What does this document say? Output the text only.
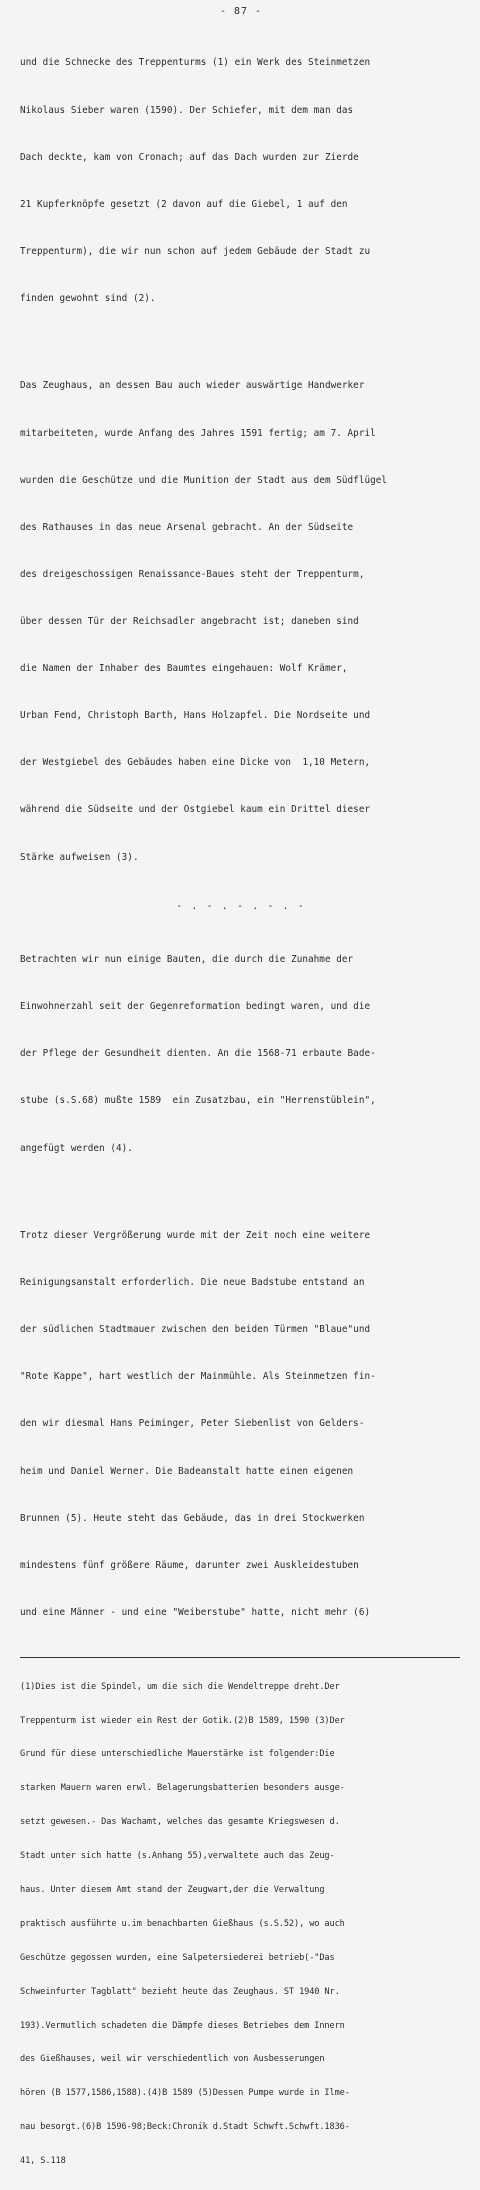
- 87 -

und die Schnecke des Treppenturms (1) ein Werk des Steinmetzen

Nikolaus Sieber waren (1590). Der Schiefer, mit dem man das

Dach deckte, kam von Cronach; auf das Dach wurden zur Zierde

21 Kupferknöpfe gesetzt (2 davon auf die Giebel, 1 auf den

Treppenturm), die wir nun schon auf jedem Gebäude der Stadt zu

finden gewohnt sind (2).

Das Zeughaus, an dessen Bau auch wieder auswärtige Handwerker

mitarbeiteten, wurde Anfang des Jahres 1591 fertig; am 7. April

wurden die Geschütze und die Munition der Stadt aus dem Südflügel

des Rathauses in das neue Arsenal gebracht. An der Südseite

des dreigeschossigen Renaissance-Baues steht der Treppenturm,

über dessen Tür der Reichsadler angebracht ist; daneben sind

die Namen der Inhaber des Baumtes eingehauen: Wolf Krämer,

Urban Fend, Christoph Barth, Hans Holzapfel. Die Nordseite und

der Westgiebel des Gebäudes haben eine Dicke von  1,10 Metern,

während die Südseite und der Ostgiebel kaum ein Drittel dieser

Stärke aufweisen (3).

- . - . - . - . -

Betrachten wir nun einige Bauten, die durch die Zunahme der

Einwohnerzahl seit der Gegenreformation bedingt waren, und die

der Pflege der Gesundheit dienten. An die 1568-71 erbaute Bade-

stube (s.S.68) mußte 1589  ein Zusatzbau, ein "Herrenstüblein",

angefügt werden (4).

Trotz dieser Vergrößerung wurde mit der Zeit noch eine weitere

Reinigungsanstalt erforderlich. Die neue Badstube entstand an

der südlichen Stadtmauer zwischen den beiden Türmen "Blaue"und

"Rote Kappe", hart westlich der Mainmühle. Als Steinmetzen fin-

den wir diesmal Hans Peiminger, Peter Siebenlist von Gelders-

heim und Daniel Werner. Die Badeanstalt hatte einen eigenen

Brunnen (5). Heute steht das Gebäude, das in drei Stockwerken

mindestens fünf größere Räume, darunter zwei Auskleidestuben

und eine Männer - und eine "Weiberstube" hatte, nicht mehr (6)

(1)Dies ist die Spindel, um die sich die Wendeltreppe dreht.Der

Treppenturm ist wieder ein Rest der Gotik.(2)B 1589, 1590 (3)Der

Grund für diese unterschiedliche Mauerstärke ist folgender:Die

starken Mauern waren erwl. Belagerungsbatterien besonders ausge-

setzt gewesen.- Das Wachamt, welches das gesamte Kriegswesen d.

Stadt unter sich hatte (s.Anhang 55),verwaltete auch das Zeug-

haus. Unter diesem Amt stand der Zeugwart,der die Verwaltung

praktisch ausführte u.im benachbarten Gießhaus (s.S.52), wo auch

Geschütze gegossen wurden, eine Salpetersiederei betrieb(-"Das

Schweinfurter Tagblatt" bezieht heute das Zeughaus. ST 1940 Nr.

193).Vermutlich schadeten die Dämpfe dieses Betriebes dem Innern

des Gießhauses, weil wir verschiedentlich von Ausbesserungen

hören (B 1577,1586,1588).(4)B 1589 (5)Dessen Pumpe wurde in Ilme-

nau besorgt.(6)B 1596-98;Beck:Chronik d.Stadt Schwft.Schwft.1836-

41, S.118
